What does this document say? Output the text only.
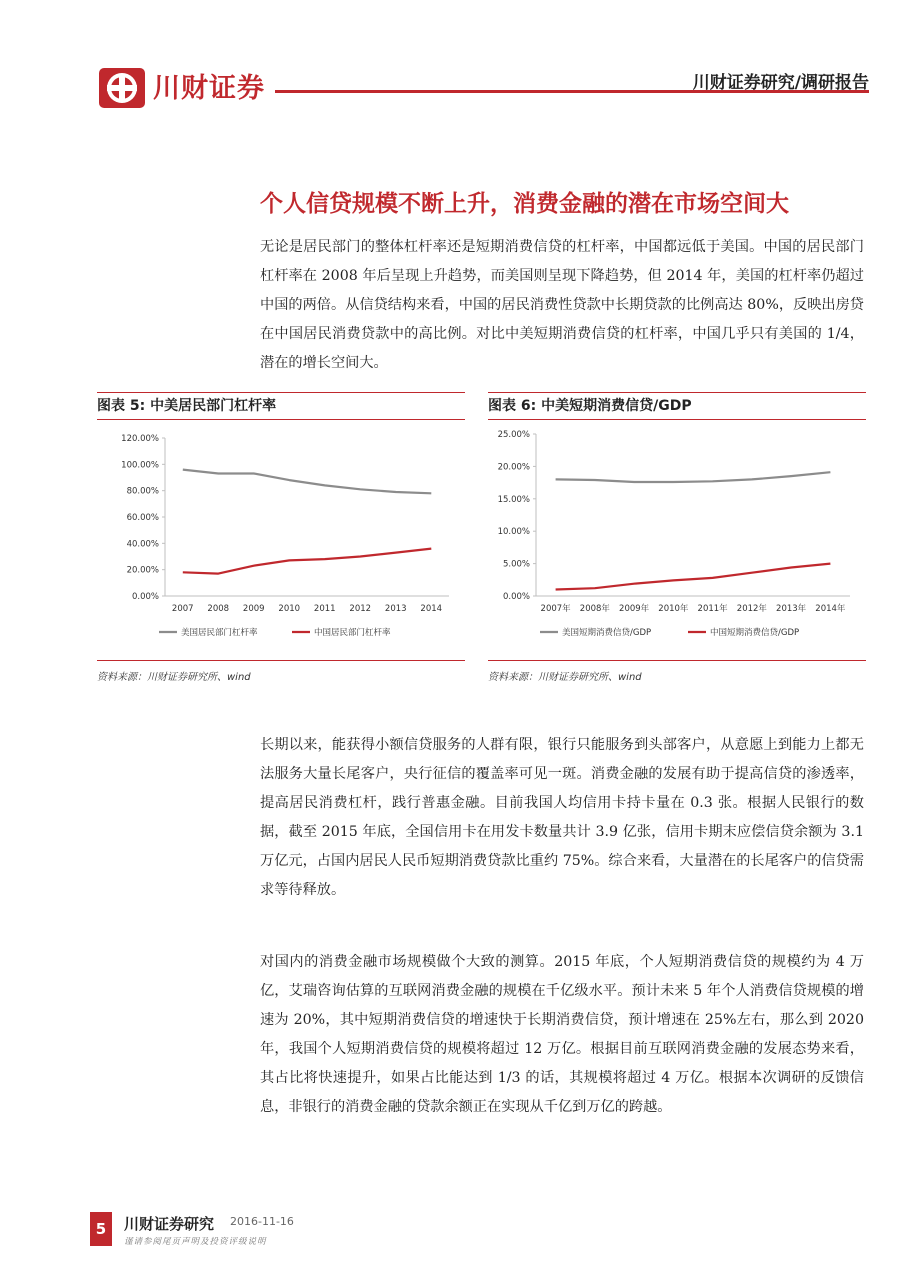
川财证券	川财证券研究/调研报告
个人信贷规模不断上升，消费金融的潜在市场空间大

无论是居民部门的整体杠杆率还是短期消费信贷的杠杆率，中国都远低于美国。中国的居民部门杠杆率在 2008 年后呈现上升趋势，而美国则呈现下降趋势，但 2014 年，美国的杠杆率仍超过中国的两倍。从信贷结构来看，中国的居民消费性贷款中长期贷款的比例高达 80%，反映出房贷在中国居民消费贷款中的高比例。对比中美短期消费信贷的杠杆率，中国几乎只有美国的 1/4，潜在的增长空间大。

图表 5: 中美居民部门杠杆率
0.00%
20.00%
40.00%
60.00%
80.00%
100.00%
120.00%
2007 2008 2009 2010 2011 2012 2013 2014
美国居民部门杠杆率	中国居民部门杠杆率
资料来源：川财证券研究所、wind
图表 6: 中美短期消费信贷/GDP
0.00%
5.00%
10.00%
15.00%
20.00%
25.00%
2007年 2008年 2009年 2010年 2011年 2012年 2013年 2014年
美国短期消费信贷/GDP	中国短期消费信贷/GDP
资料来源：川财证券研究所、wind

长期以来，能获得小额信贷服务的人群有限，银行只能服务到头部客户，从意愿上到能力上都无法服务大量长尾客户，央行征信的覆盖率可见一斑。消费金融的发展有助于提高信贷的渗透率，提高居民消费杠杆，践行普惠金融。目前我国人均信用卡持卡量在 0.3 张。根据人民银行的数据，截至 2015 年底，全国信用卡在用发卡数量共计 3.9 亿张，信用卡期末应偿信贷余额为 3.1 万亿元，占国内居民人民币短期消费贷款比重约 75%。综合来看，大量潜在的长尾客户的信贷需求等待释放。

对国内的消费金融市场规模做个大致的测算。2015 年底，个人短期消费信贷的规模约为 4 万亿，艾瑞咨询估算的互联网消费金融的规模在千亿级水平。预计未来 5 年个人消费信贷规模的增速为 20%，其中短期消费信贷的增速快于长期消费信贷，预计增速在 25%左右，那么到 2020 年，我国个人短期消费信贷的规模将超过 12 万亿。根据目前互联网消费金融的发展态势来看，其占比将快速提升，如果占比能达到 1/3 的话，其规模将超过 4 万亿。根据本次调研的反馈信息，非银行的消费金融的贷款余额正在实现从千亿到万亿的跨越。

5	川财证券研究 2016-11-16
谨请参阅尾页声明及投资评级说明
